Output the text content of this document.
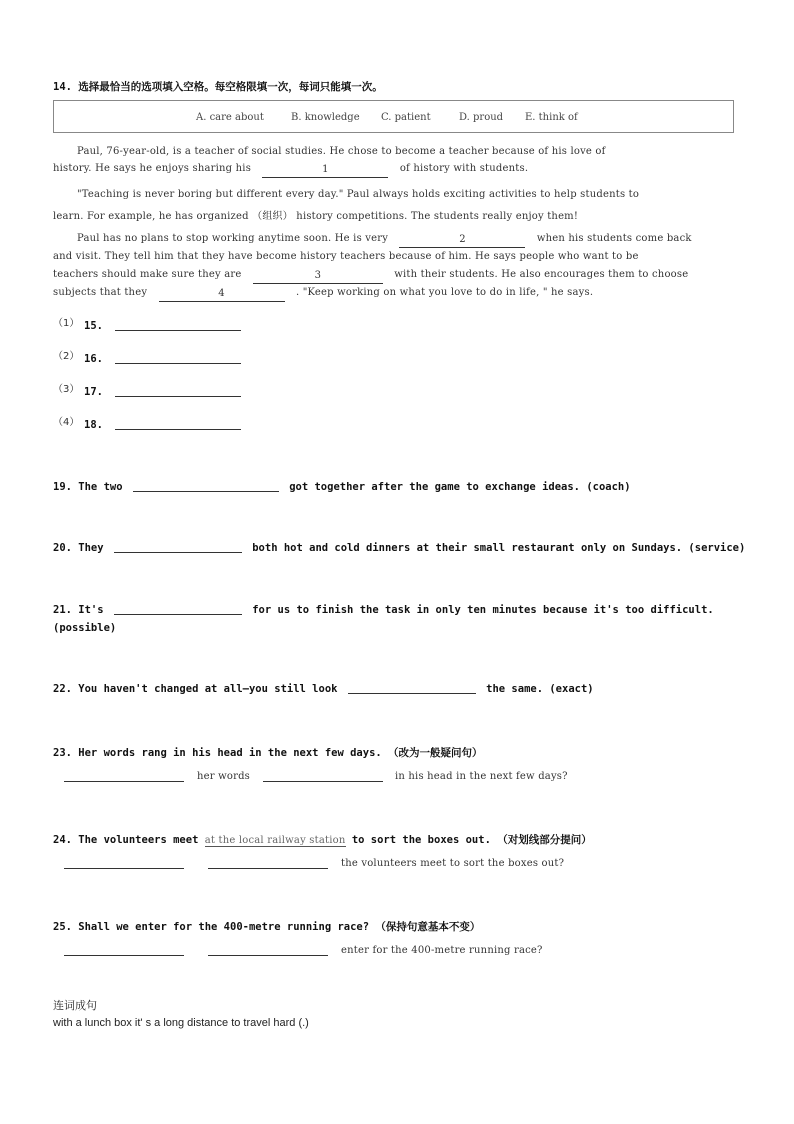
14. 选择最恰当的选项填入空格。每空格限填一次，每词只能填一次。
A. care about	B. knowledge C. patient	D. proud E. think of
Paul, 76-year-old, is a teacher of social studies. He chose to become a teacher because of his love of
history. He says he enjoys sharing his	1	of history with students.
"Teaching is never boring but different every day." Paul always holds exciting activities to help students to
learn. For example, he has organized （组织） history competitions. The students really enjoy them!
Paul has no plans to stop working anytime soon. He is very	2	when his students come back
and visit. They tell him that they have become history teachers because of him. He says people who want to be
teachers should make sure they are	3	with their students. He also encourages them to choose
subjects that they	4	. "Keep working on what you love to do in life, " he says.
（1） 15.
（2） 16.
（3） 17.
（4） 18.
19. The two	got together after the game to exchange ideas. (coach)
20. They	both hot and cold dinners at their small restaurant only on Sundays. (service)
21. It's	for us to finish the task in only ten minutes because it's too difficult.
(possible)
22. You haven't changed at all—you still look	the same. (exact)
23. Her words rang in his head in the next few days. （改为一般疑问句）
her words	in his head in the next few days?
24. The volunteers meet at the local railway station to sort the boxes out. （对划线部分提问）
the volunteers meet to sort the boxes out?
25. Shall we enter for the 400-metre running race? （保持句意基本不变）
enter for the 400-metre running race?
连词成句
with a lunch box it' s a long distance to travel hard (.)
